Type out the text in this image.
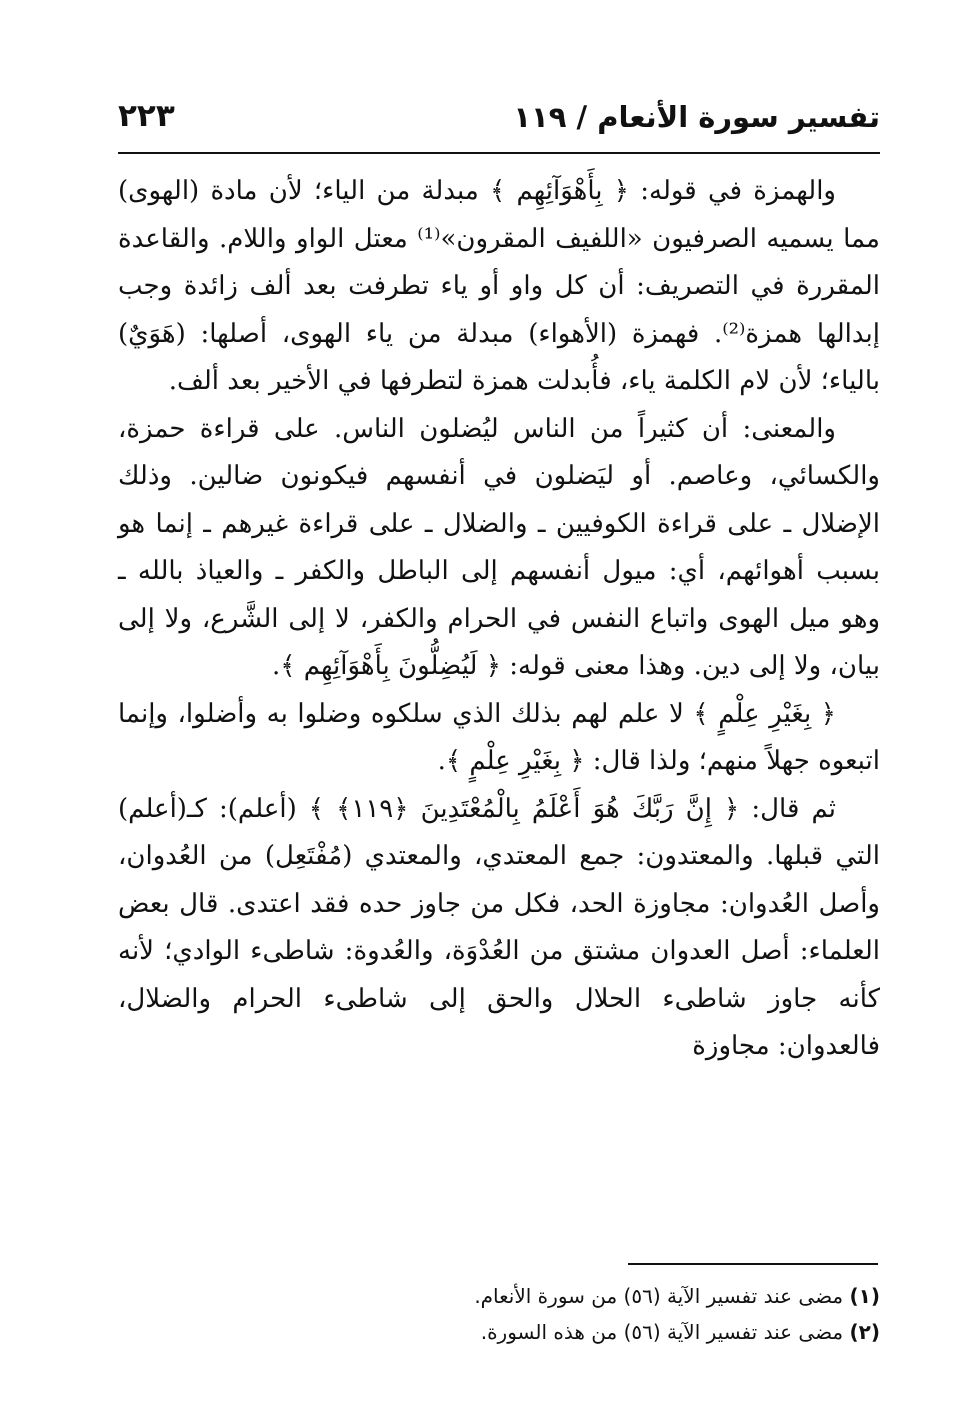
تفسير سورة الأنعام / ١١٩
٢٢٣

والهمزة في قوله: ﴿ بِأَهْوَآئِهِم ﴾ مبدلة من الياء؛ لأن مادة (الهوى) مما يسميه الصرفيون «اللفيف المقرون»⁽¹⁾ معتل الواو واللام. والقاعدة المقررة في التصريف: أن كل واو أو ياء تطرفت بعد ألف زائدة وجب إبدالها همزة⁽²⁾. فهمزة (الأهواء) مبدلة من ياء الهوى، أصلها: (هَوَيٌ) بالياء؛ لأن لام الكلمة ياء، فأُبدلت همزة لتطرفها في الأخير بعد ألف.

والمعنى: أن كثيراً من الناس ليُضلون الناس. على قراءة حمزة، والكسائي، وعاصم. أو ليَضلون في أنفسهم فيكونون ضالين. وذلك الإضلال ـ على قراءة الكوفيين ـ والضلال ـ على قراءة غيرهم ـ إنما هو بسبب أهوائهم، أي: ميول أنفسهم إلى الباطل والكفر ـ والعياذ بالله ـ وهو ميل الهوى واتباع النفس في الحرام والكفر، لا إلى الشَّرع، ولا إلى بيان، ولا إلى دين. وهذا معنى قوله: ﴿ لَيُضِلُّونَ بِأَهْوَآئِهِم ﴾.

﴿ بِغَيْرِ عِلْمٍ ﴾ لا علم لهم بذلك الذي سلكوه وضلوا به وأضلوا، وإنما اتبعوه جهلاً منهم؛ ولذا قال: ﴿ بِغَيْرِ عِلْمٍ ﴾.

ثم قال: ﴿ إِنَّ رَبَّكَ هُوَ أَعْلَمُ بِالْمُعْتَدِينَ ﴿١١٩﴾ ﴾ (أعلم): كـ(أعلم) التي قبلها. والمعتدون: جمع المعتدي، والمعتدي (مُفْتَعِل) من العُدوان، وأصل العُدوان: مجاوزة الحد، فكل من جاوز حده فقد اعتدى. قال بعض العلماء: أصل العدوان مشتق من العُدْوَة، والعُدوة: شاطىء الوادي؛ لأنه كأنه جاوز شاطىء الحلال والحق إلى شاطىء الحرام والضلال، فالعدوان: مجاوزة

(١) مضى عند تفسير الآية (٥٦) من سورة الأنعام.

(٢) مضى عند تفسير الآية (٥٦) من هذه السورة.
